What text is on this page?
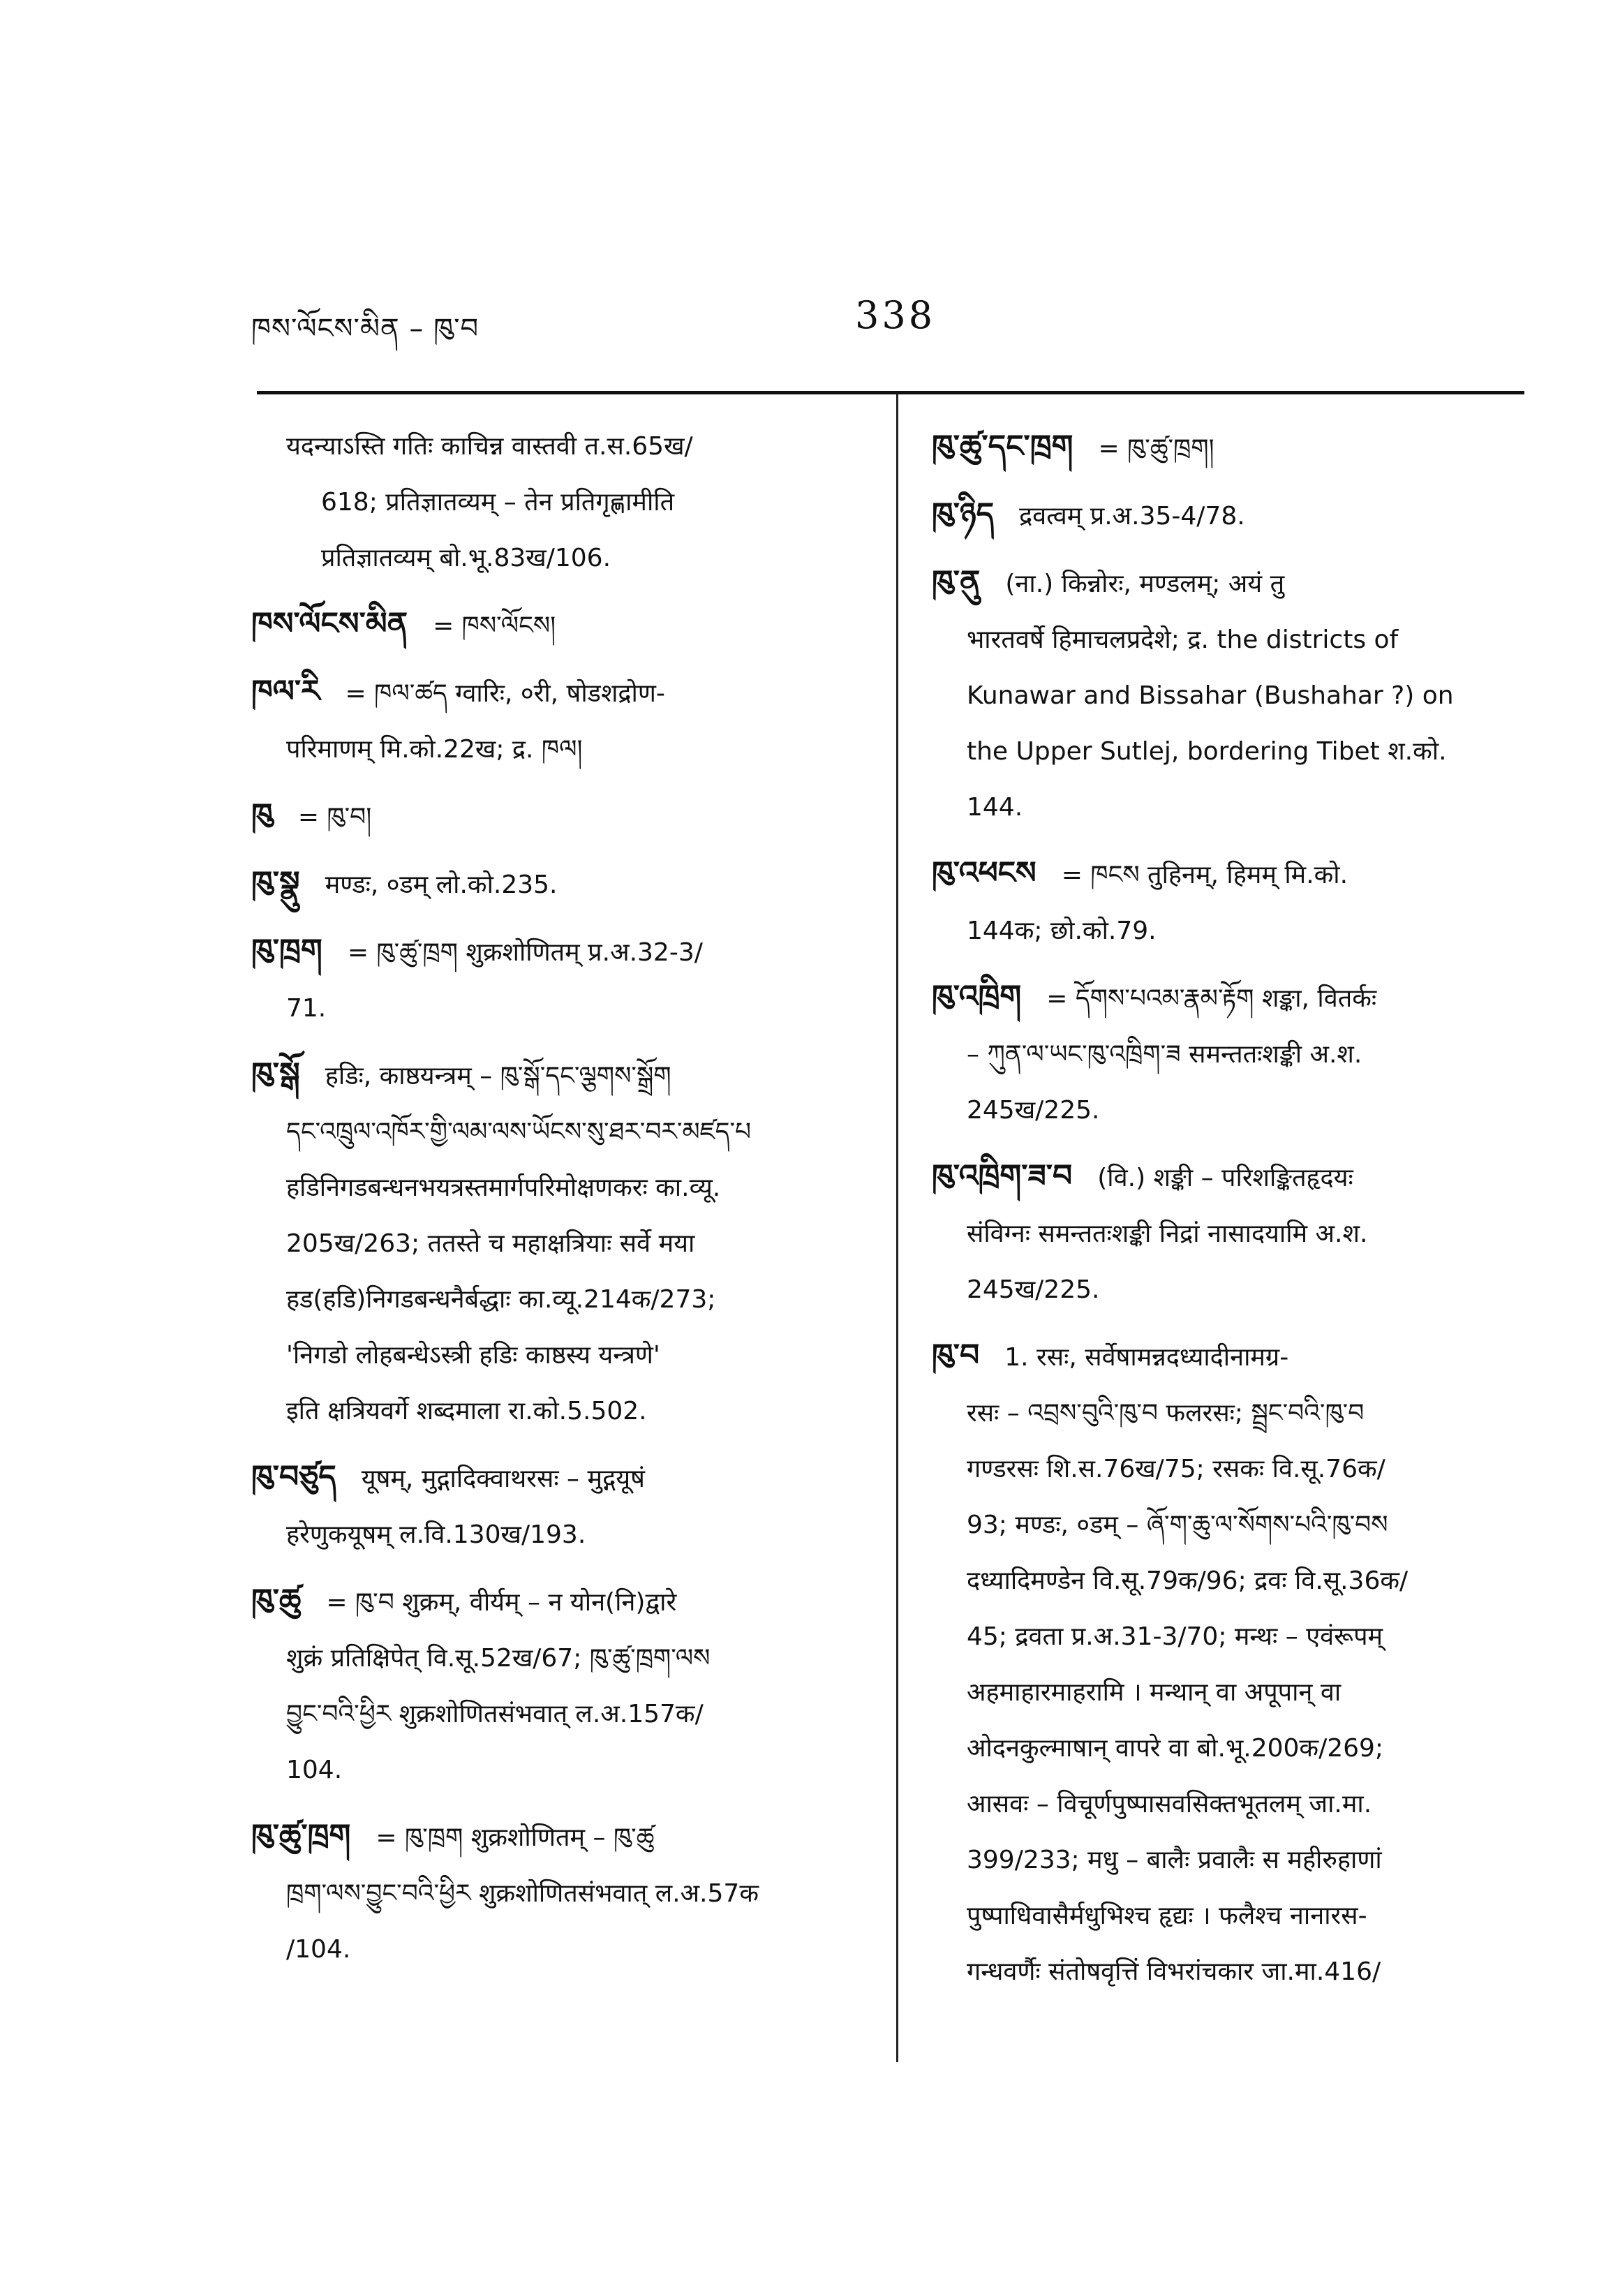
ཁས་ལོངས་མིན – ཁུ་བ	338
यदन्याऽस्ति गतिः काचिन्न वास्तवी त.स.65ख/
618; प्रतिज्ञातव्यम् – तेन प्रतिगृह्णामीति
प्रतिज्ञातव्यम् बो.भू.83ख/106.
ཁས་ལོངས་མིན = ཁས་ལོངས།
ཁལ་རི = ཁལ་ཚད ग्वारिः, ०री, षोडशद्रोण-
परिमाणम् मि.को.22ख; द्र. ཁལ།
ཁུ = ཁུ་བ།
ཁུ་སྣུ मण्डः, ०डम् लो.को.235.
ཁུ་ཁྲག = ཁུ་ཚུ་ཁྲག शुक्रशोणितम् प्र.अ.32-3/
71.
ཁུ་སྒོ हडिः, काष्ठयन्त्रम् – ཁུ་སྒོ་དང་ལྕགས་སྒྲོག
དང་འཁྲུལ་འཁོར་གྱི་ལམ་ལས་ཡོངས་སུ་ཐར་བར་མཛད་པ
हडिनिगडबन्धनभयत्रस्तमार्गपरिमोक्षणकरः का.व्यू.
205ख/263; ततस्ते च महाक्षत्रियाः सर्वे मया
हड(हडि)निगडबन्धनैर्बद्धाः का.व्यू.214क/273;
'निगडो लोहबन्धेऽस्त्री हडिः काष्ठस्य यन्त्रणे'
इति क्षत्रियवर्गे शब्दमाला रा.को.5.502.
ཁུ་བཙུད यूषम्, मुद्गादिक्वाथरसः – मुद्गयूषं
हरेणुकयूषम् ल.वि.130ख/193.
ཁུ་ཚུ = ཁུ་བ शुक्रम्, वीर्यम् – न योन(नि)द्वारे
शुक्रं प्रतिक्षिपेत् वि.सू.52ख/67; ཁུ་ཚུ་ཁྲག་ལས
བྱུང་བའི་ཕྱིར शुक्रशोणितसंभवात् ल.अ.157क/
104.
ཁུ་ཚུ་ཁྲག = ཁུ་ཁྲག शुक्रशोणितम् – ཁུ་ཚུ
ཁྲག་ལས་བྱུང་བའི་ཕྱིར शुक्रशोणितसंभवात् ल.अ.57क
/104.
ཁུ་ཚུ་དང་ཁྲག = ཁུ་ཚུ་ཁྲག།
ཁུ་ཉིད द्रवत्वम् प्र.अ.35-4/78.
ཁུ་ནུ (ना.) किन्नोरः, मण्डलम्; अयं तु
भारतवर्षे हिमाचलप्रदेशे; द्र. the districts of
Kunawar and Bissahar (Bushahar ?) on
the Upper Sutlej, bordering Tibet श.को.
144.
ཁུ་འཕངས = ཁངས तुहिनम्, हिमम् मि.को.
144क; छो.को.79.
ཁུ་འཁྲིག = དོགས་པའམ་རྣམ་རྟོག शङ्का, वितर्कः
– ཀུན་ལ་ཡང་ཁུ་འཁྲིག་ཟ समन्ततःशङ्की अ.श.
245ख/225.
ཁུ་འཁྲིག་ཟ་བ (वि.) शङ्की – परिशङ्कितहृदयः
संविग्नः समन्ततःशङ्की निद्रां नासादयामि अ.श.
245ख/225.
ཁུ་བ 1. रसः, सर्वेषामन्नदध्यादीनामग्र-
रसः – འབྲས་བུའི་ཁུ་བ फलरसः; སྦྲང་བའི་ཁུ་བ
गण्डरसः शि.स.76ख/75; रसकः वि.सू.76क/
93; मण्डः, ०डम् – ཞོ་ག་ཆུ་ལ་སོགས་པའི་ཁུ་བས
दध्यादिमण्डेन वि.सू.79क/96; द्रवः वि.सू.36क/
45; द्रवता प्र.अ.31-3/70; मन्थः – एवंरूपम्
अहमाहारमाहरामि । मन्थान् वा अपूपान् वा
ओदनकुल्माषान् वापरे वा बो.भू.200क/269;
आसवः – विचूर्णपुष्पासवसिक्तभूतलम् जा.मा.
399/233; मधु – बालैः प्रवालैः स महीरुहाणां
पुष्पाधिवासैर्मधुभिश्च हृद्यः । फलैश्च नानारस-
गन्धवर्णैः संतोषवृत्तिं विभरांचकार जा.मा.416/
